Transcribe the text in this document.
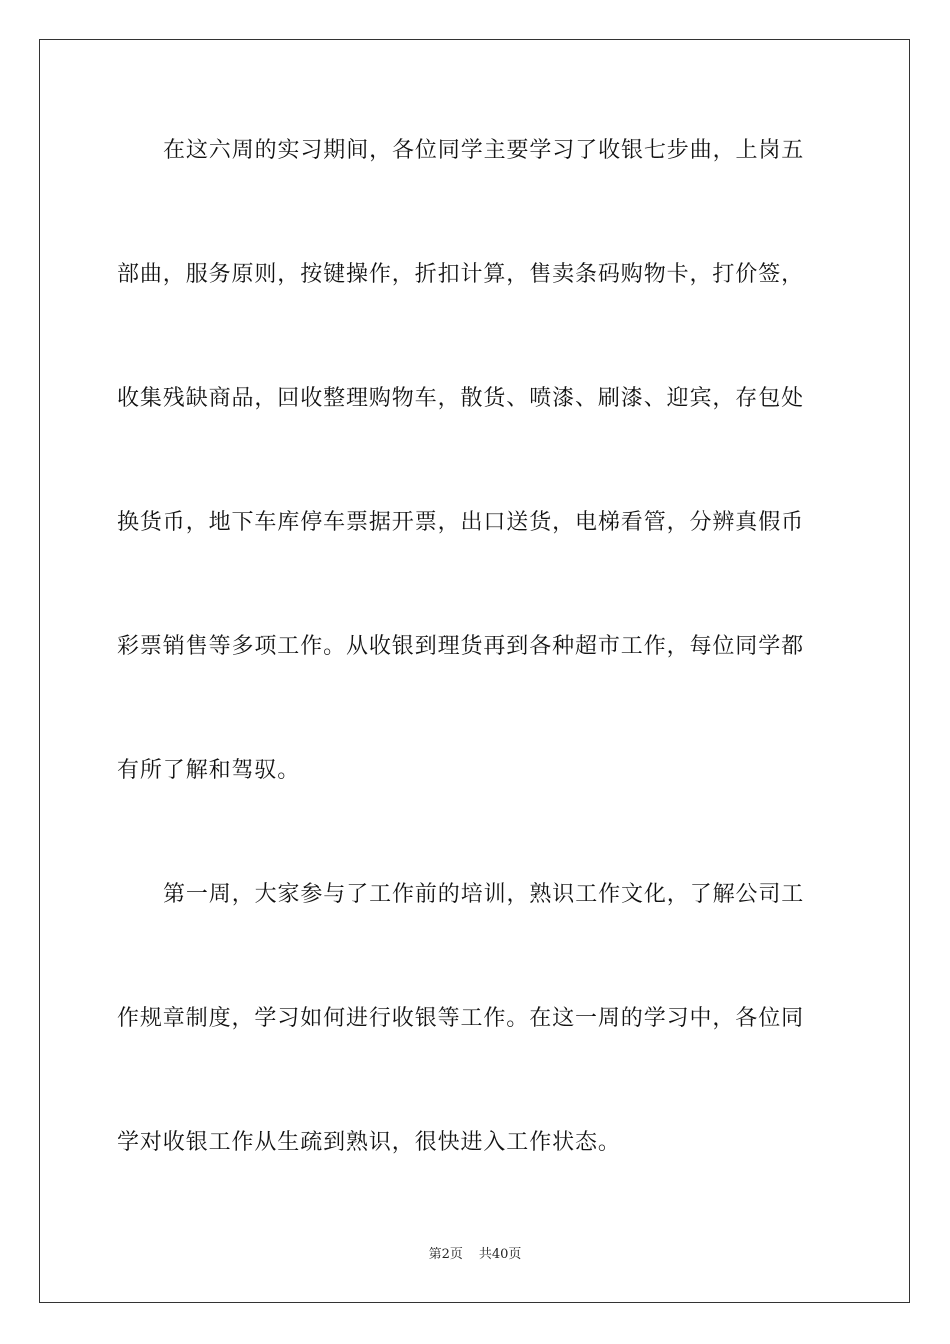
在这六周的实习期间，各位同学主要学习了收银七步曲，上岗五
部曲，服务原则，按键操作，折扣计算，售卖条码购物卡，打价签，
收集残缺商品，回收整理购物车，散货、喷漆、刷漆、迎宾，存包处
换货币，地下车库停车票据开票，出口送货，电梯看管，分辨真假币
彩票销售等多项工作。从收银到理货再到各种超市工作，每位同学都
有所了解和驾驭。
第一周，大家参与了工作前的培训，熟识工作文化，了解公司工
作规章制度，学习如何进行收银等工作。在这一周的学习中，各位同
学对收银工作从生疏到熟识，很快进入工作状态。
第2页 共40页
